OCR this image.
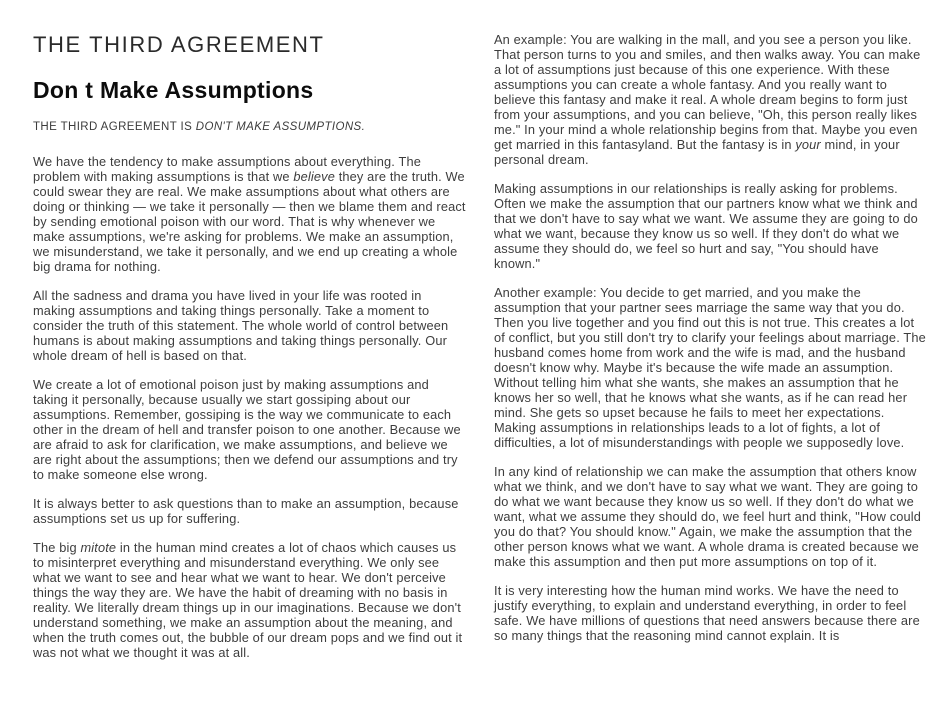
THE THIRD AGREEMENT
Don t Make Assumptions

THE THIRD AGREEMENT IS DON'T MAKE ASSUMPTIONS.

We have the tendency to make assumptions about everything. The problem with making assumptions is that we believe they are the truth. We could swear they are real. We make assumptions about what others are doing or thinking — we take it personally — then we blame them and react by sending emotional poison with our word. That is why whenever we make assumptions, we're asking for problems. We make an assumption, we misunderstand, we take it personally, and we end up creating a whole big drama for nothing.

All the sadness and drama you have lived in your life was rooted in making assumptions and taking things personally. Take a moment to consider the truth of this statement. The whole world of control between humans is about making assumptions and taking things personally. Our whole dream of hell is based on that.

We create a lot of emotional poison just by making assumptions and taking it personally, because usually we start gossiping about our assumptions. Remember, gossiping is the way we communicate to each other in the dream of hell and transfer poison to one another. Because we are afraid to ask for clarification, we make assumptions, and believe we are right about the assumptions; then we defend our assumptions and try to make someone else wrong.

It is always better to ask questions than to make an assumption, because assumptions set us up for suffering.

The big mitote in the human mind creates a lot of chaos which causes us to misinterpret everything and misunderstand everything. We only see what we want to see and hear what we want to hear. We don't perceive things the way they are. We have the habit of dreaming with no basis in reality. We literally dream things up in our imaginations. Because we don't understand something, we make an assumption about the meaning, and when the truth comes out, the bubble of our dream pops and we find out it was not what we thought it was at all.

An example: You are walking in the mall, and you see a person you like. That person turns to you and smiles, and then walks away. You can make a lot of assumptions just because of this one experience. With these assumptions you can create a whole fantasy. And you really want to believe this fantasy and make it real. A whole dream begins to form just from your assumptions, and you can believe, "Oh, this person really likes me." In your mind a whole relationship begins from that. Maybe you even get married in this fantasyland. But the fantasy is in your mind, in your personal dream.

Making assumptions in our relationships is really asking for problems. Often we make the assumption that our partners know what we think and that we don't have to say what we want. We assume they are going to do what we want, because they know us so well. If they don't do what we assume they should do, we feel so hurt and say, "You should have known."

Another example: You decide to get married, and you make the assumption that your partner sees marriage the same way that you do. Then you live together and you find out this is not true. This creates a lot of conflict, but you still don't try to clarify your feelings about marriage. The husband comes home from work and the wife is mad, and the husband doesn't know why. Maybe it's because the wife made an assumption. Without telling him what she wants, she makes an assumption that he knows her so well, that he knows what she wants, as if he can read her mind. She gets so upset because he fails to meet her expectations. Making assumptions in relationships leads to a lot of fights, a lot of difficulties, a lot of misunderstandings with people we supposedly love.

In any kind of relationship we can make the assumption that others know what we think, and we don't have to say what we want. They are going to do what we want because they know us so well. If they don't do what we want, what we assume they should do, we feel hurt and think, "How could you do that? You should know." Again, we make the assumption that the other person knows what we want. A whole drama is created because we make this assumption and then put more assumptions on top of it.

It is very interesting how the human mind works. We have the need to justify everything, to explain and understand everything, in order to feel safe. We have millions of questions that need answers because there are so many things that the reasoning mind cannot explain. It is
